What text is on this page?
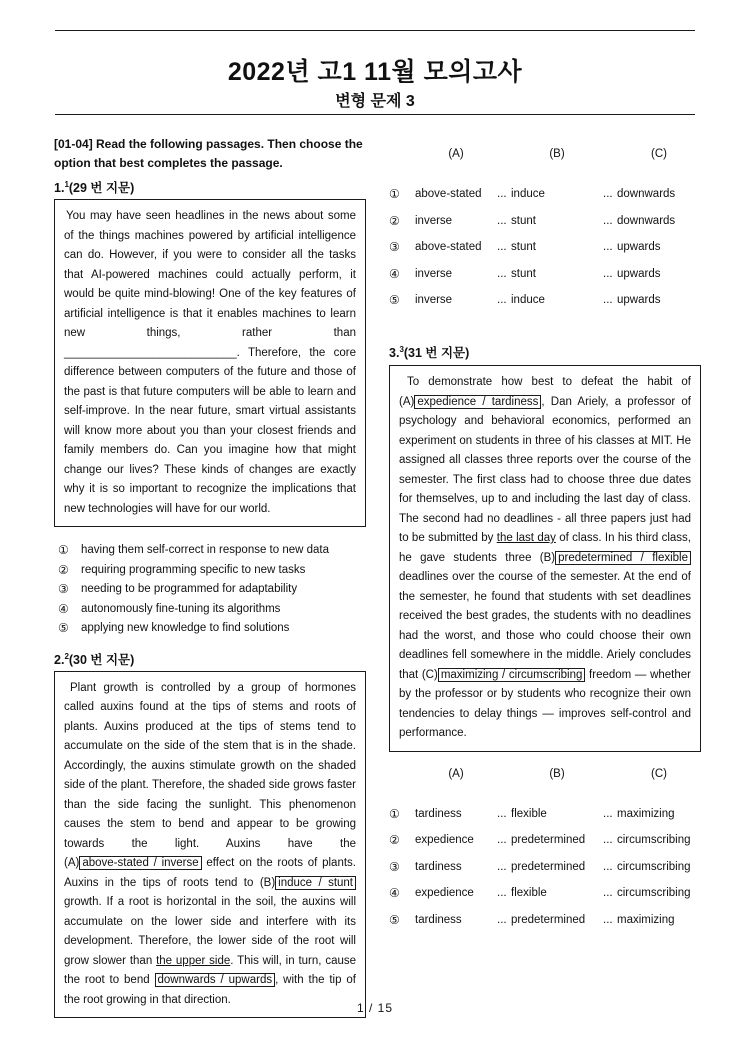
2022년 고1 11월 모의고사
변형 문제 3

[01-04] Read the following passages. Then choose the option that best completes the passage.

1.$^1$(29 번 지문)
You may have seen headlines in the news about some of the things machines powered by artificial intelligence can do. However, if you were to consider all the tasks that AI-powered machines could actually perform, it would be quite mind-blowing! One of the key features of artificial intelligence is that it enables machines to learn new things, rather than ___________________________. Therefore, the core difference between computers of the future and those of the past is that future computers will be able to learn and self-improve. In the near future, smart virtual assistants will know more about you than your closest friends and family members do. Can you imagine how that might change our lives? These kinds of changes are exactly why it is so important to recognize the implications that new technologies will have for our world.
① having them self-correct in response to new data
② requiring programming specific to new tasks
③ needing to be programmed for adaptability
④ autonomously fine-tuning its algorithms
⑤ applying new knowledge to find solutions
2.$^2$(30 번 지문)
Plant growth is controlled by a group of hormones called auxins found at the tips of stems and roots of plants. Auxins produced at the tips of stems tend to accumulate on the side of the stem that is in the shade. Accordingly, the auxins stimulate growth on the shaded side of the plant. Therefore, the shaded side grows faster than the side facing the sunlight. This phenomenon causes the stem to bend and appear to be growing towards the light. Auxins have the (A) above-stated / inverse effect on the roots of plants. Auxins in the tips of roots tend to (B) induce / stunt growth. If a root is horizontal in the soil, the auxins will accumulate on the lower side and interfere with its development. Therefore, the lower side of the root will grow slower than the upper side. This will, in turn, cause the root to bend downwards / upwards , with the tip of the root growing in that direction.
(A)	(B)	(C)
①	above-stated	... induce	... downwards
②	inverse	... stunt	... downwards
③	above-stated	... stunt	... upwards
④	inverse	... stunt	... upwards
⑤	inverse	... induce	... upwards
3.$^3$(31 번 지문)
To demonstrate how best to defeat the habit of (A) expedience / tardiness , Dan Ariely, a professor of psychology and behavioral economics, performed an experiment on students in three of his classes at MIT. He assigned all classes three reports over the course of the semester. The first class had to choose three due dates for themselves, up to and including the last day of class. The second had no deadlines - all three papers just had to be submitted by the last day of class. In his third class, he gave students three (B) predetermined / flexible deadlines over the course of the semester. At the end of the semester, he found that students with set deadlines received the best grades, the students with no deadlines had the worst, and those who could choose their own deadlines fell somewhere in the middle. Ariely concludes that (C) maximizing / circumscribing freedom — whether by the professor or by students who recognize their own tendencies to delay things — improves self-control and performance.
(A)	(B)	(C)
①	tardiness	... flexible	... maximizing
②	expedience	... predetermined	... circumscribing
③	tardiness	... predetermined	... circumscribing
④	expedience	... flexible	... circumscribing
⑤	tardiness	... predetermined	... maximizing
1 / 15
